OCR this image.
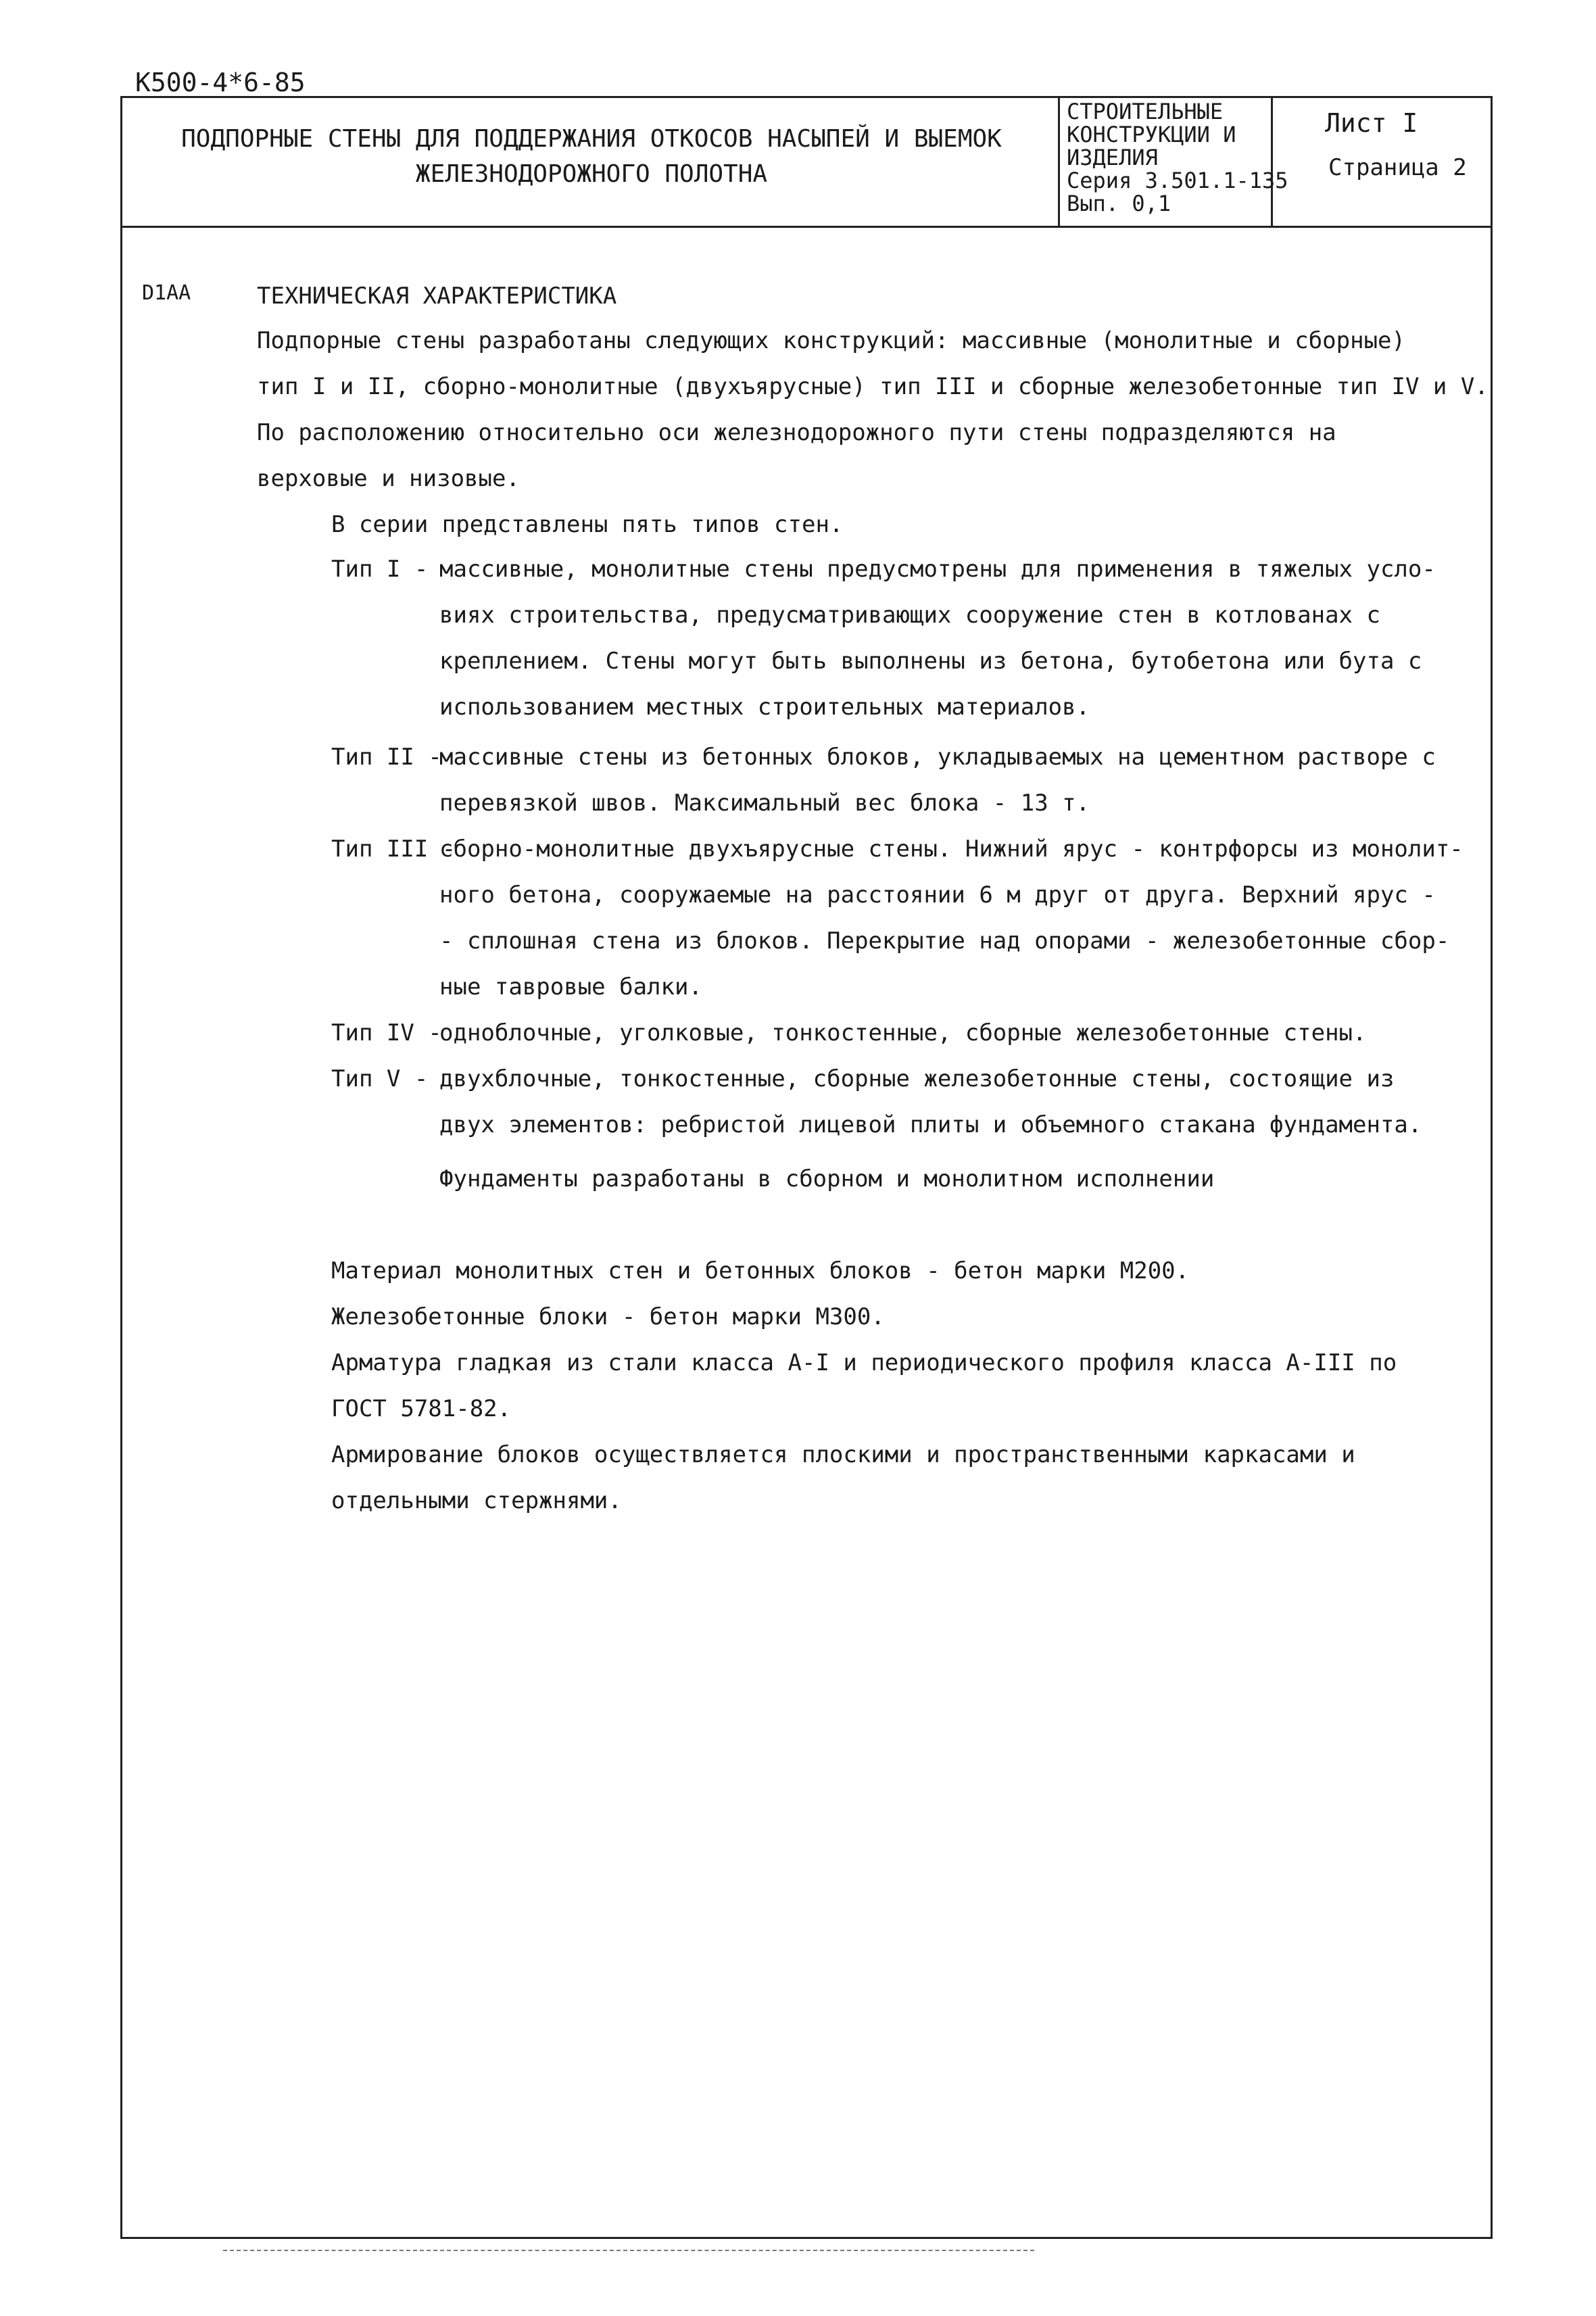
К500-4*6-85
ПОДПОРНЫЕ СТЕНЫ ДЛЯ ПОДДЕРЖАНИЯ ОТКОСОВ НАСЫПЕЙ И ВЫЕМОК
ЖЕЛЕЗНОДОРОЖНОГО ПОЛОТНА
СТРОИТЕЛЬНЫЕ
КОНСТРУКЦИИ И
ИЗДЕЛИЯ
Серия 3.501.1-135
Вып. 0,1
Лист I
Страница 2
D1АА	ТЕХНИЧЕСКАЯ ХАРАКТЕРИСТИКА
Подпорные стены разработаны следующих конструкций: массивные (монолитные и сборные)
тип I и II, сборно-монолитные (двухъярусные) тип III и сборные железобетонные тип IV и V.
По расположению относительно оси железнодорожного пути стены подразделяются на
верховые и низовые.
В серии представлены пять типов стен.
Тип I - массивные, монолитные стены предусмотрены для применения в тяжелых усло-
виях строительства, предусматривающих сооружение стен в котлованах с
креплением. Стены могут быть выполнены из бетона, бутобетона или бута с
использованием местных строительных материалов.
Тип II -
массивные стены из бетонных блоков, укладываемых на цементном растворе с
перевязкой швов. Максимальный вес блока - 13 т.
Тип III -
сборно-монолитные двухъярусные стены. Нижний ярус - контрфорсы из монолит-
ного бетона, сооружаемые на расстоянии 6 м друг от друга. Верхний ярус -
- сплошная стена из блоков. Перекрытие над опорами - железобетонные сбор-
ные тавровые балки.
Тип IV -
одноблочные, уголковые, тонкостенные, сборные железобетонные стены.
Тип V - двухблочные, тонкостенные, сборные железобетонные стены, состоящие из
двух элементов: ребристой лицевой плиты и объемного стакана фундамента.
Фундаменты разработаны в сборном и монолитном исполнении
Материал монолитных стен и бетонных блоков - бетон марки М200.
Железобетонные блоки - бетон марки М300.
Арматура гладкая из стали класса А-I и периодического профиля класса А-III по
ГОСТ 5781-82.
Армирование блоков осуществляется плоскими и пространственными каркасами и
отдельными стержнями.
